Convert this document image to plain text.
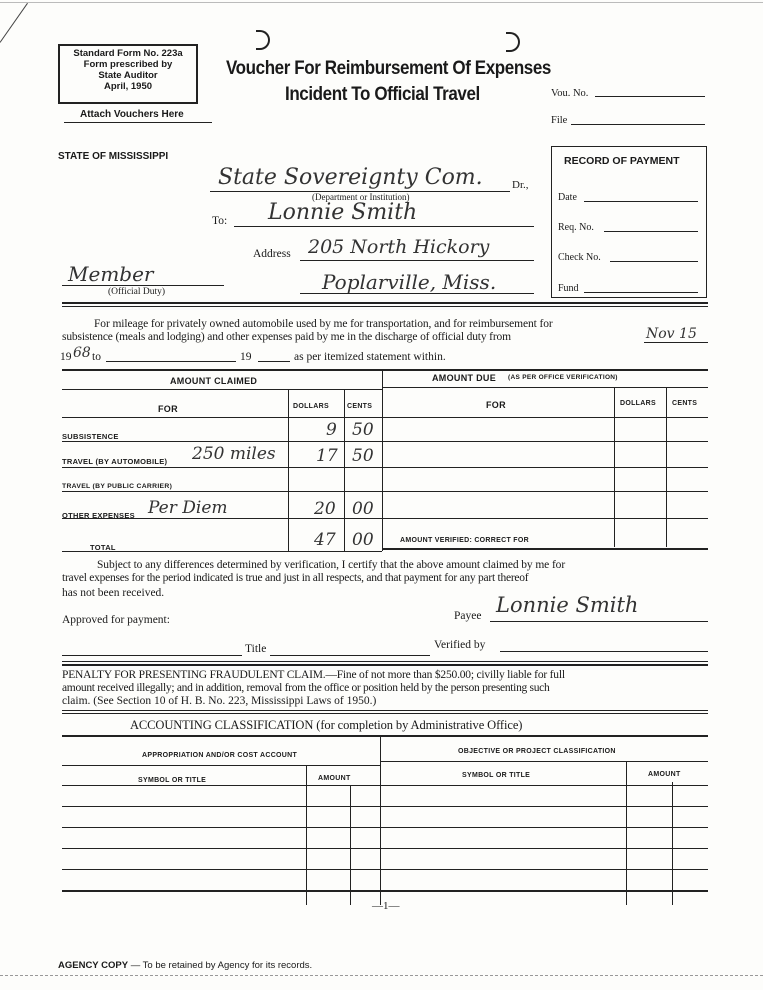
Standard Form No. 223a
Form prescribed by
State Auditor
April, 1950
Attach Vouchers Here
Voucher For Reimbursement Of Expenses
Incident To Official Travel	Vou. No.
File
STATE OF MISSISSIPPI
State Sovereignty Com.	Dr.,
(Department or Institution)
To: Lonnie Smith
Address 205 North Hickory
Poplarville, Miss.
Member
(Official Duty)
RECORD OF PAYMENT
Date
Req. No.
Check No.
Fund
For mileage for privately owned automobile used by me for transportation, and for reimbursement for
subsistence (meals and lodging) and other expenses paid by me in the discharge of official duty from	Nov 15
19 68 to	19	as per itemized statement within.
AMOUNT CLAIMED	AMOUNT DUE (AS PER OFFICE VERIFICATION)
FOR	DOLLARS	CENTS	FOR	DOLLARS CENTS
SUBSISTENCE	9 50
TRAVEL (BY AUTOMOBILE) 250 miles 17 50
TRAVEL (BY PUBLIC CARRIER)
OTHER EXPENSES Per Diem	20 00
TOTAL	47 00	AMOUNT VERIFIED: CORRECT FOR
Subject to any differences determined by verification, I certify that the above amount claimed by me for
travel expenses for the period indicated is true and just in all respects, and that payment for any part thereof
has not been received.
Payee Lonnie Smith
Approved for payment:
Title	Verified by
PENALTY FOR PRESENTING FRAUDULENT CLAIM.—Fine of not more than $250.00; civilly liable for full
amount received illegally; and in addition, removal from the office or position held by the person presenting such
claim. (See Section 10 of H. B. No. 223, Mississippi Laws of 1950.)
ACCOUNTING CLASSIFICATION (for completion by Administrative Office)
APPROPRIATION AND/OR COST ACCOUNT
OBJECTIVE OR PROJECT CLASSIFICATION
SYMBOL OR TITLE	AMOUNT	SYMBOL OR TITLE	AMOUNT
—1—
AGENCY COPY — To be retained by Agency for its records.
